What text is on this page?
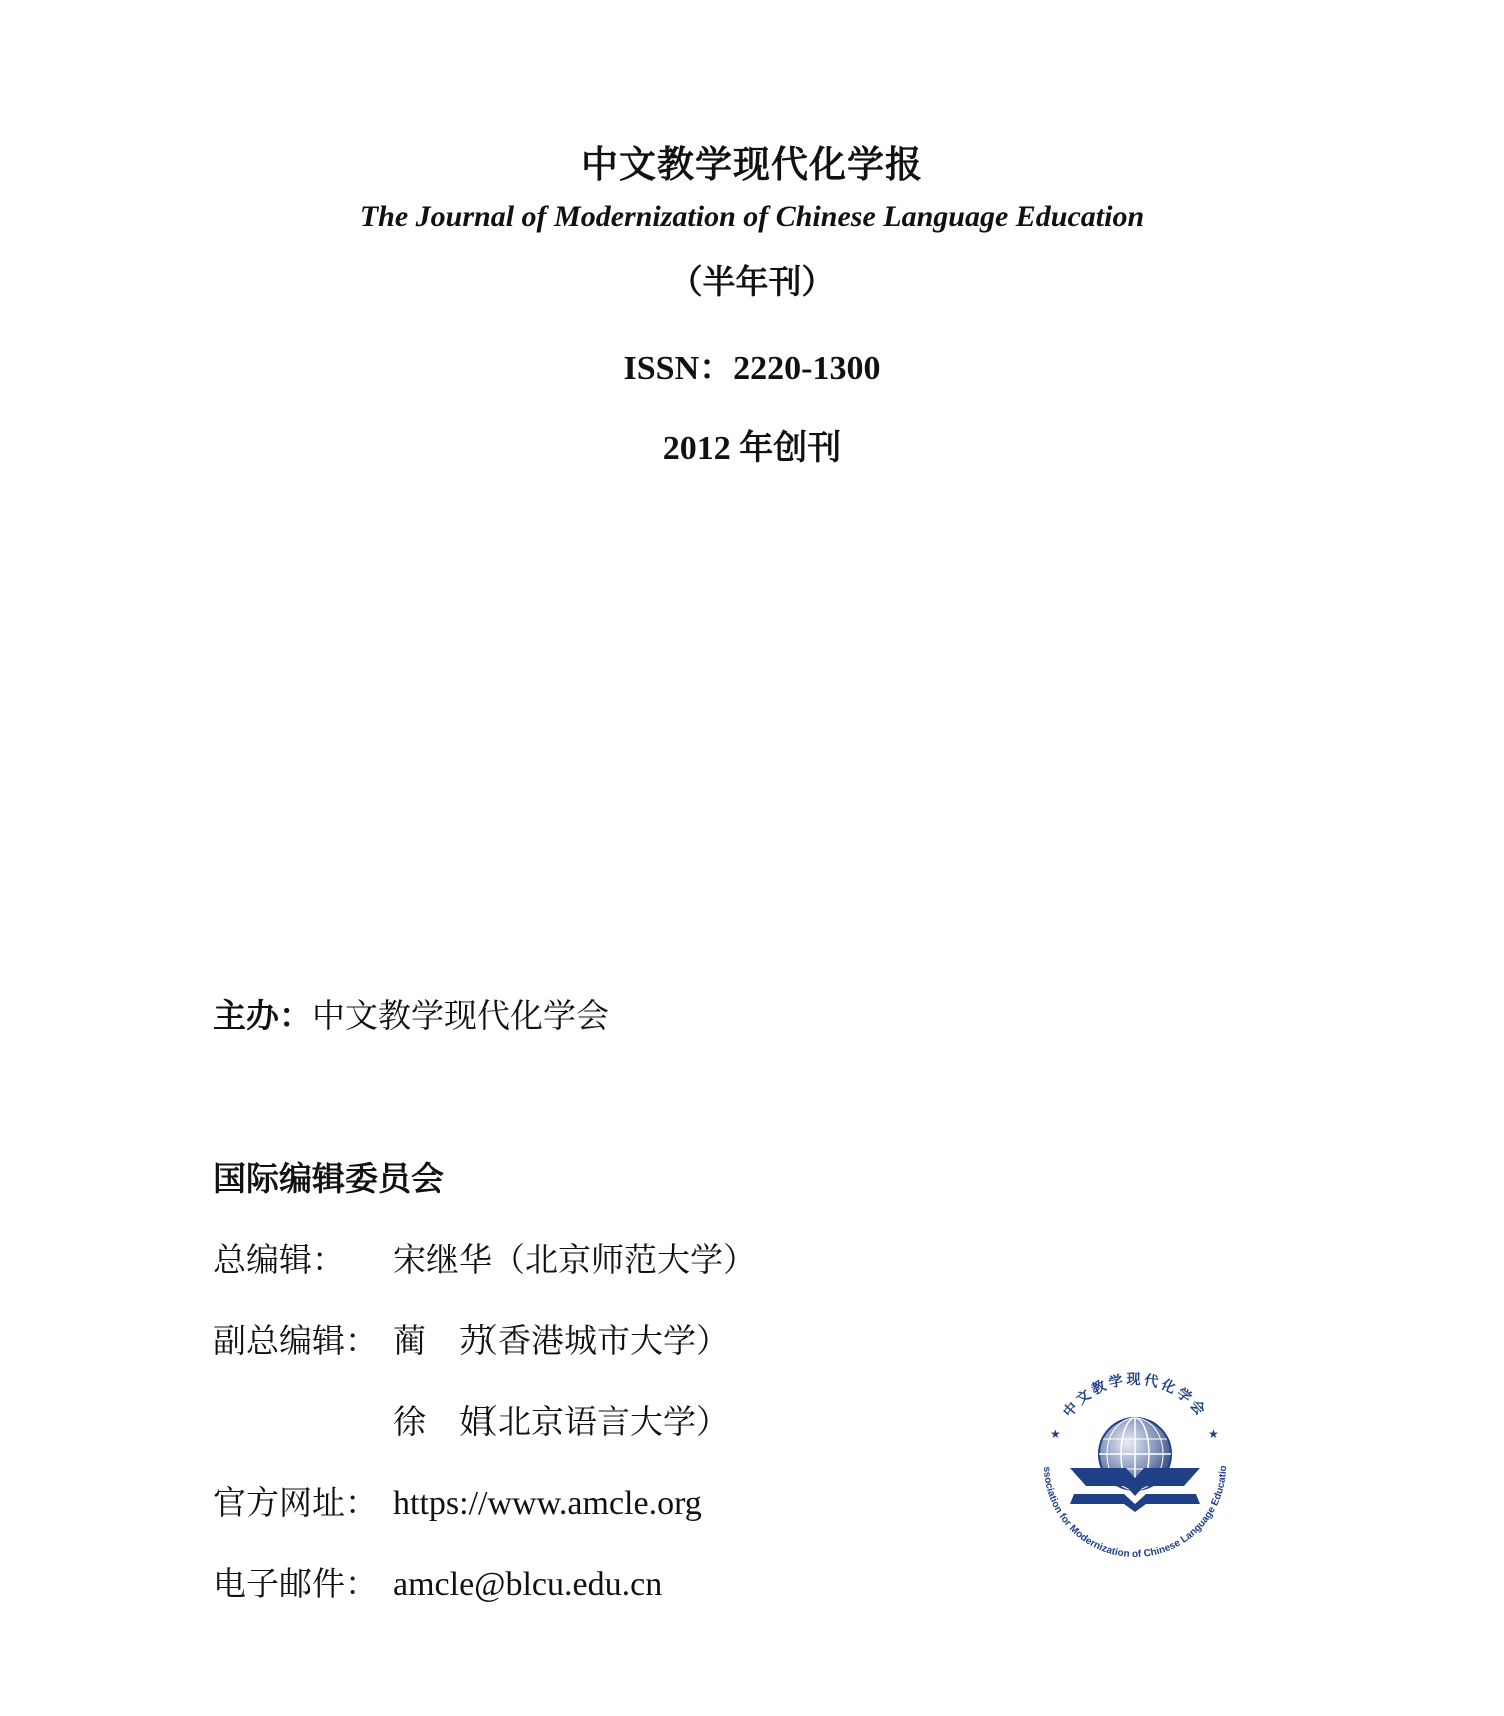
中文教学现代化学报
The Journal of Modernization of Chinese Language Education
（半年刊）
ISSN：2220-1300
2012 年创刊
主办：中文教学现代化学会
国际编辑委员会
总编辑： 宋继华（北京师范大学）
副总编辑： 蔺　苏（香港城市大学）
徐　娟（北京语言大学）
官方网址： https://www.amcle.org
电子邮件： amcle@blcu.edu.cn
中文教学现代化学会
ssociation for Modernization of Chinese Language Educatio
★	★
